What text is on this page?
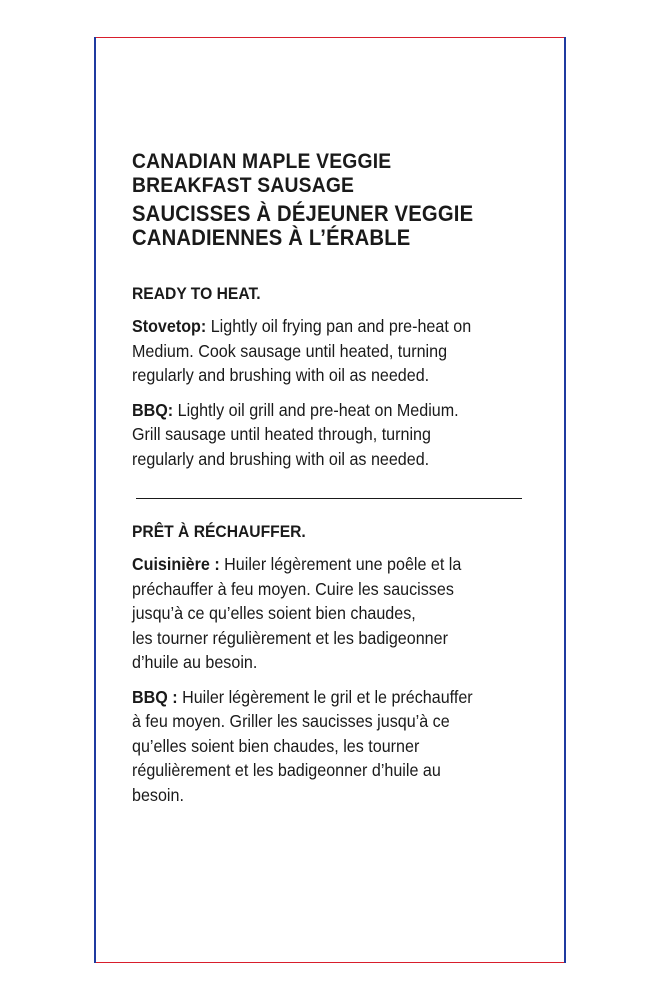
CANADIAN MAPLE VEGGIE
BREAKFAST SAUSAGE
SAUCISSES À DÉJEUNER VEGGIE
CANADIENNES À L’ÉRABLE
READY TO HEAT.
Stovetop: Lightly oil frying pan and pre-heat on
Medium. Cook sausage until heated, turning
regularly and brushing with oil as needed.
BBQ: Lightly oil grill and pre-heat on Medium.
Grill sausage until heated through, turning
regularly and brushing with oil as needed.
PRÊT À RÉCHAUFFER.
Cuisinière : Huiler légèrement une poêle et la
préchauffer à feu moyen. Cuire les saucisses
jusqu’à ce qu’elles soient bien chaudes,
les tourner régulièrement et les badigeonner
d’huile au besoin.
BBQ : Huiler légèrement le gril et le préchauffer
à feu moyen. Griller les saucisses jusqu’à ce
qu’elles soient bien chaudes, les tourner
régulièrement et les badigeonner d’huile au
besoin.
